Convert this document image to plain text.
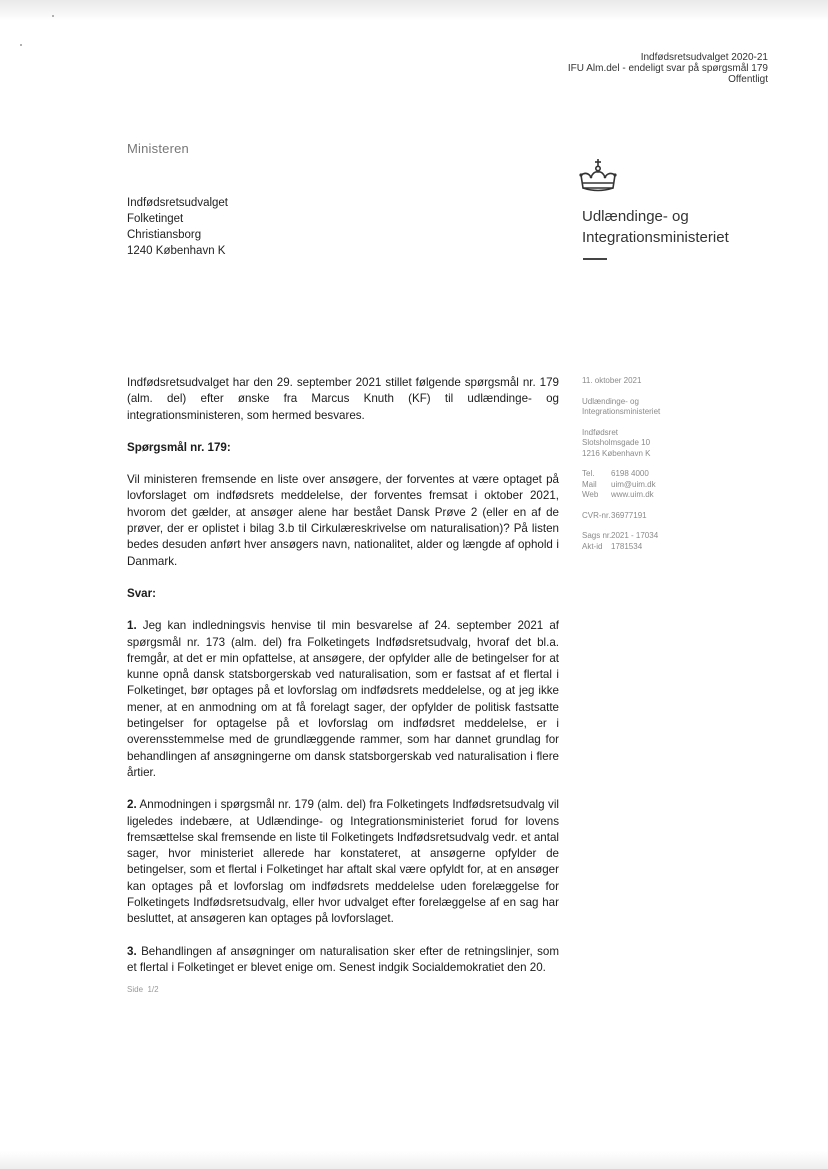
Indfødsretsudvalget 2020-21
IFU Alm.del - endeligt svar på spørgsmål 179
Offentligt
Ministeren
Indfødsretsudvalget
Folketinget
Christiansborg
1240 København K
Udlændinge- og
Integrationsministeriet
11. oktober 2021
Udlændinge- og
Integrationsministeriet
Indfødsret
Slotsholmsgade 10
1216 København K
Tel.	6198 4000
Mail	uim@uim.dk
Web	www.uim.dk
CVR-nr. 36977191
Sags nr. 2021 - 17034
Akt-id	1781534

Indfødsretsudvalget har den 29. september 2021 stillet følgende spørgsmål nr. 179 (alm. del) efter ønske fra Marcus Knuth (KF) til udlændinge- og integrationsministeren, som hermed besvares.

Spørgsmål nr. 179:

Vil ministeren fremsende en liste over ansøgere, der forventes at være optaget på lovforslaget om indfødsrets meddelelse, der forventes fremsat i oktober 2021, hvorom det gælder, at ansøger alene har bestået Dansk Prøve 2 (eller en af de prøver, der er oplistet i bilag 3.b til Cirkulæreskrivelse om naturalisation)? På listen bedes desuden anført hver ansøgers navn, nationalitet, alder og længde af ophold i Danmark.

Svar:

1. Jeg kan indledningsvis henvise til min besvarelse af 24. september 2021 af spørgsmål nr. 173 (alm. del) fra Folketingets Indfødsretsudvalg, hvoraf det bl.a. fremgår, at det er min opfattelse, at ansøgere, der opfylder alle de betingelser for at kunne opnå dansk statsborgerskab ved naturalisation, som er fastsat af et flertal i Folketinget, bør optages på et lovforslag om indfødsrets meddelelse, og at jeg ikke mener, at en anmodning om at få forelagt sager, der opfylder de politisk fastsatte betingelser for optagelse på et lovforslag om indfødsret meddelelse, er i overensstemmelse med de grundlæggende rammer, som har dannet grundlag for behandlingen af ansøgningerne om dansk statsborgerskab ved naturalisation i flere årtier.

2. Anmodningen i spørgsmål nr. 179 (alm. del) fra Folketingets Indfødsretsudvalg vil ligeledes indebære, at Udlændinge- og Integrationsministeriet forud for lovens fremsættelse skal fremsende en liste til Folketingets Indfødsretsudvalg vedr. et antal sager, hvor ministeriet allerede har konstateret, at ansøgerne opfylder de betingelser, som et flertal i Folketinget har aftalt skal være opfyldt for, at en ansøger kan optages på et lovforslag om indfødsrets meddelelse uden forelæggelse for Folketingets Indfødsretsudvalg, eller hvor udvalget efter forelæggelse af en sag har besluttet, at ansøgeren kan optages på lovforslaget.

3. Behandlingen af ansøgninger om naturalisation sker efter de retningslinjer, som et flertal i Folketinget er blevet enige om. Senest indgik Socialdemokratiet den 20.

Side 1/2
